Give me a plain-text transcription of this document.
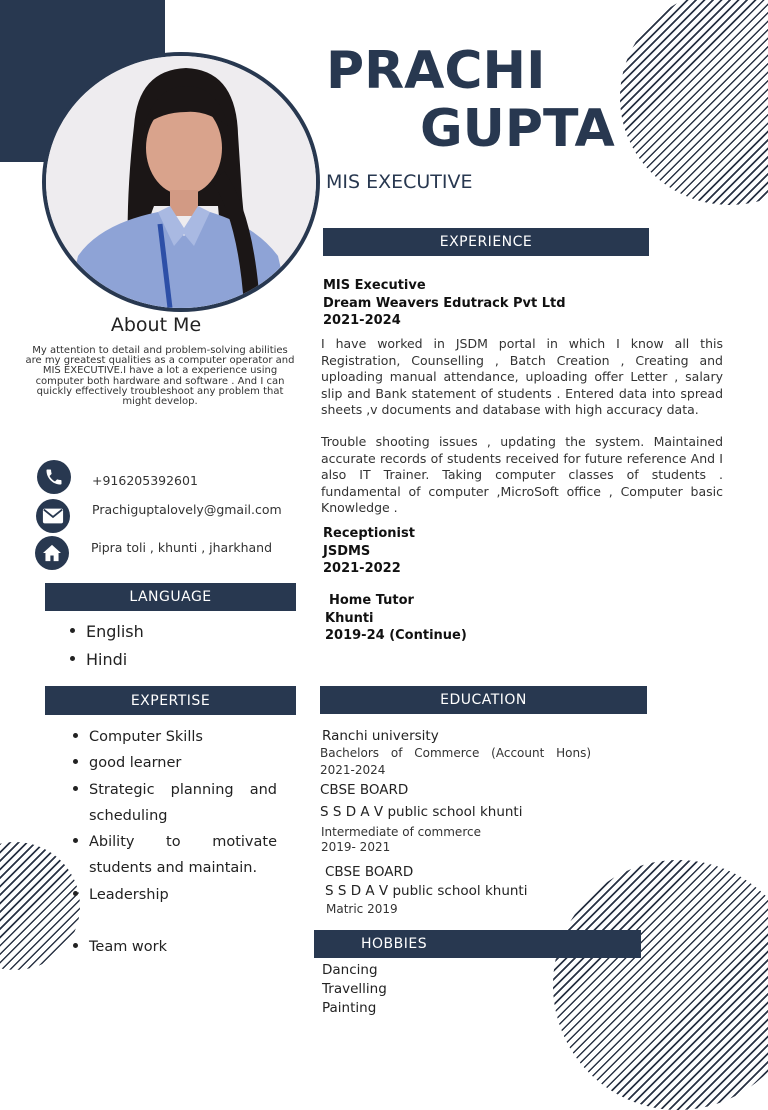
PRACHI
GUPTA
MIS EXECUTIVE
About Me
My attention to detail and problem-solving abilities are my greatest qualities as a computer operator and MIS EXECUTIVE.I have a lot a experience using computer both hardware and software . And I can quickly effectively troubleshoot any problem that might develop.
+916205392601
Prachiguptalovely@gmail.com
Pipra toli , khunti , jharkhand
LANGUAGE
English
Hindi
EXPERTISE
Computer Skills
good learner
Strategic planning and scheduling
Ability to motivate students and maintain.
Leadership
Team work
EXPERIENCE
MIS Executive
Dream Weavers Edutrack Pvt Ltd
2021-2024
I have worked in JSDM portal in which I know all this Registration, Counselling , Batch Creation , Creating and uploading manual attendance, uploading offer Letter , salary slip and Bank statement of students . Entered data into spread sheets ,v documents and database with high accuracy data.
Trouble shooting issues , updating the system. Maintained accurate records of students received for future reference And I also IT Trainer. Taking computer classes of students . fundamental of computer ,MicroSoft office , Computer basic Knowledge .
Receptionist
JSDMS
2021-2022
Home Tutor
Khunti
2019-24 (Continue)
EDUCATION
Ranchi university
Bachelors of Commerce (Account Hons)
2021-2024
CBSE BOARD
S S D A V public school khunti
Intermediate of commerce
2019- 2021
CBSE BOARD
S S D A V public school khunti
Matric 2019
HOBBIES
Dancing
Travelling
Painting
